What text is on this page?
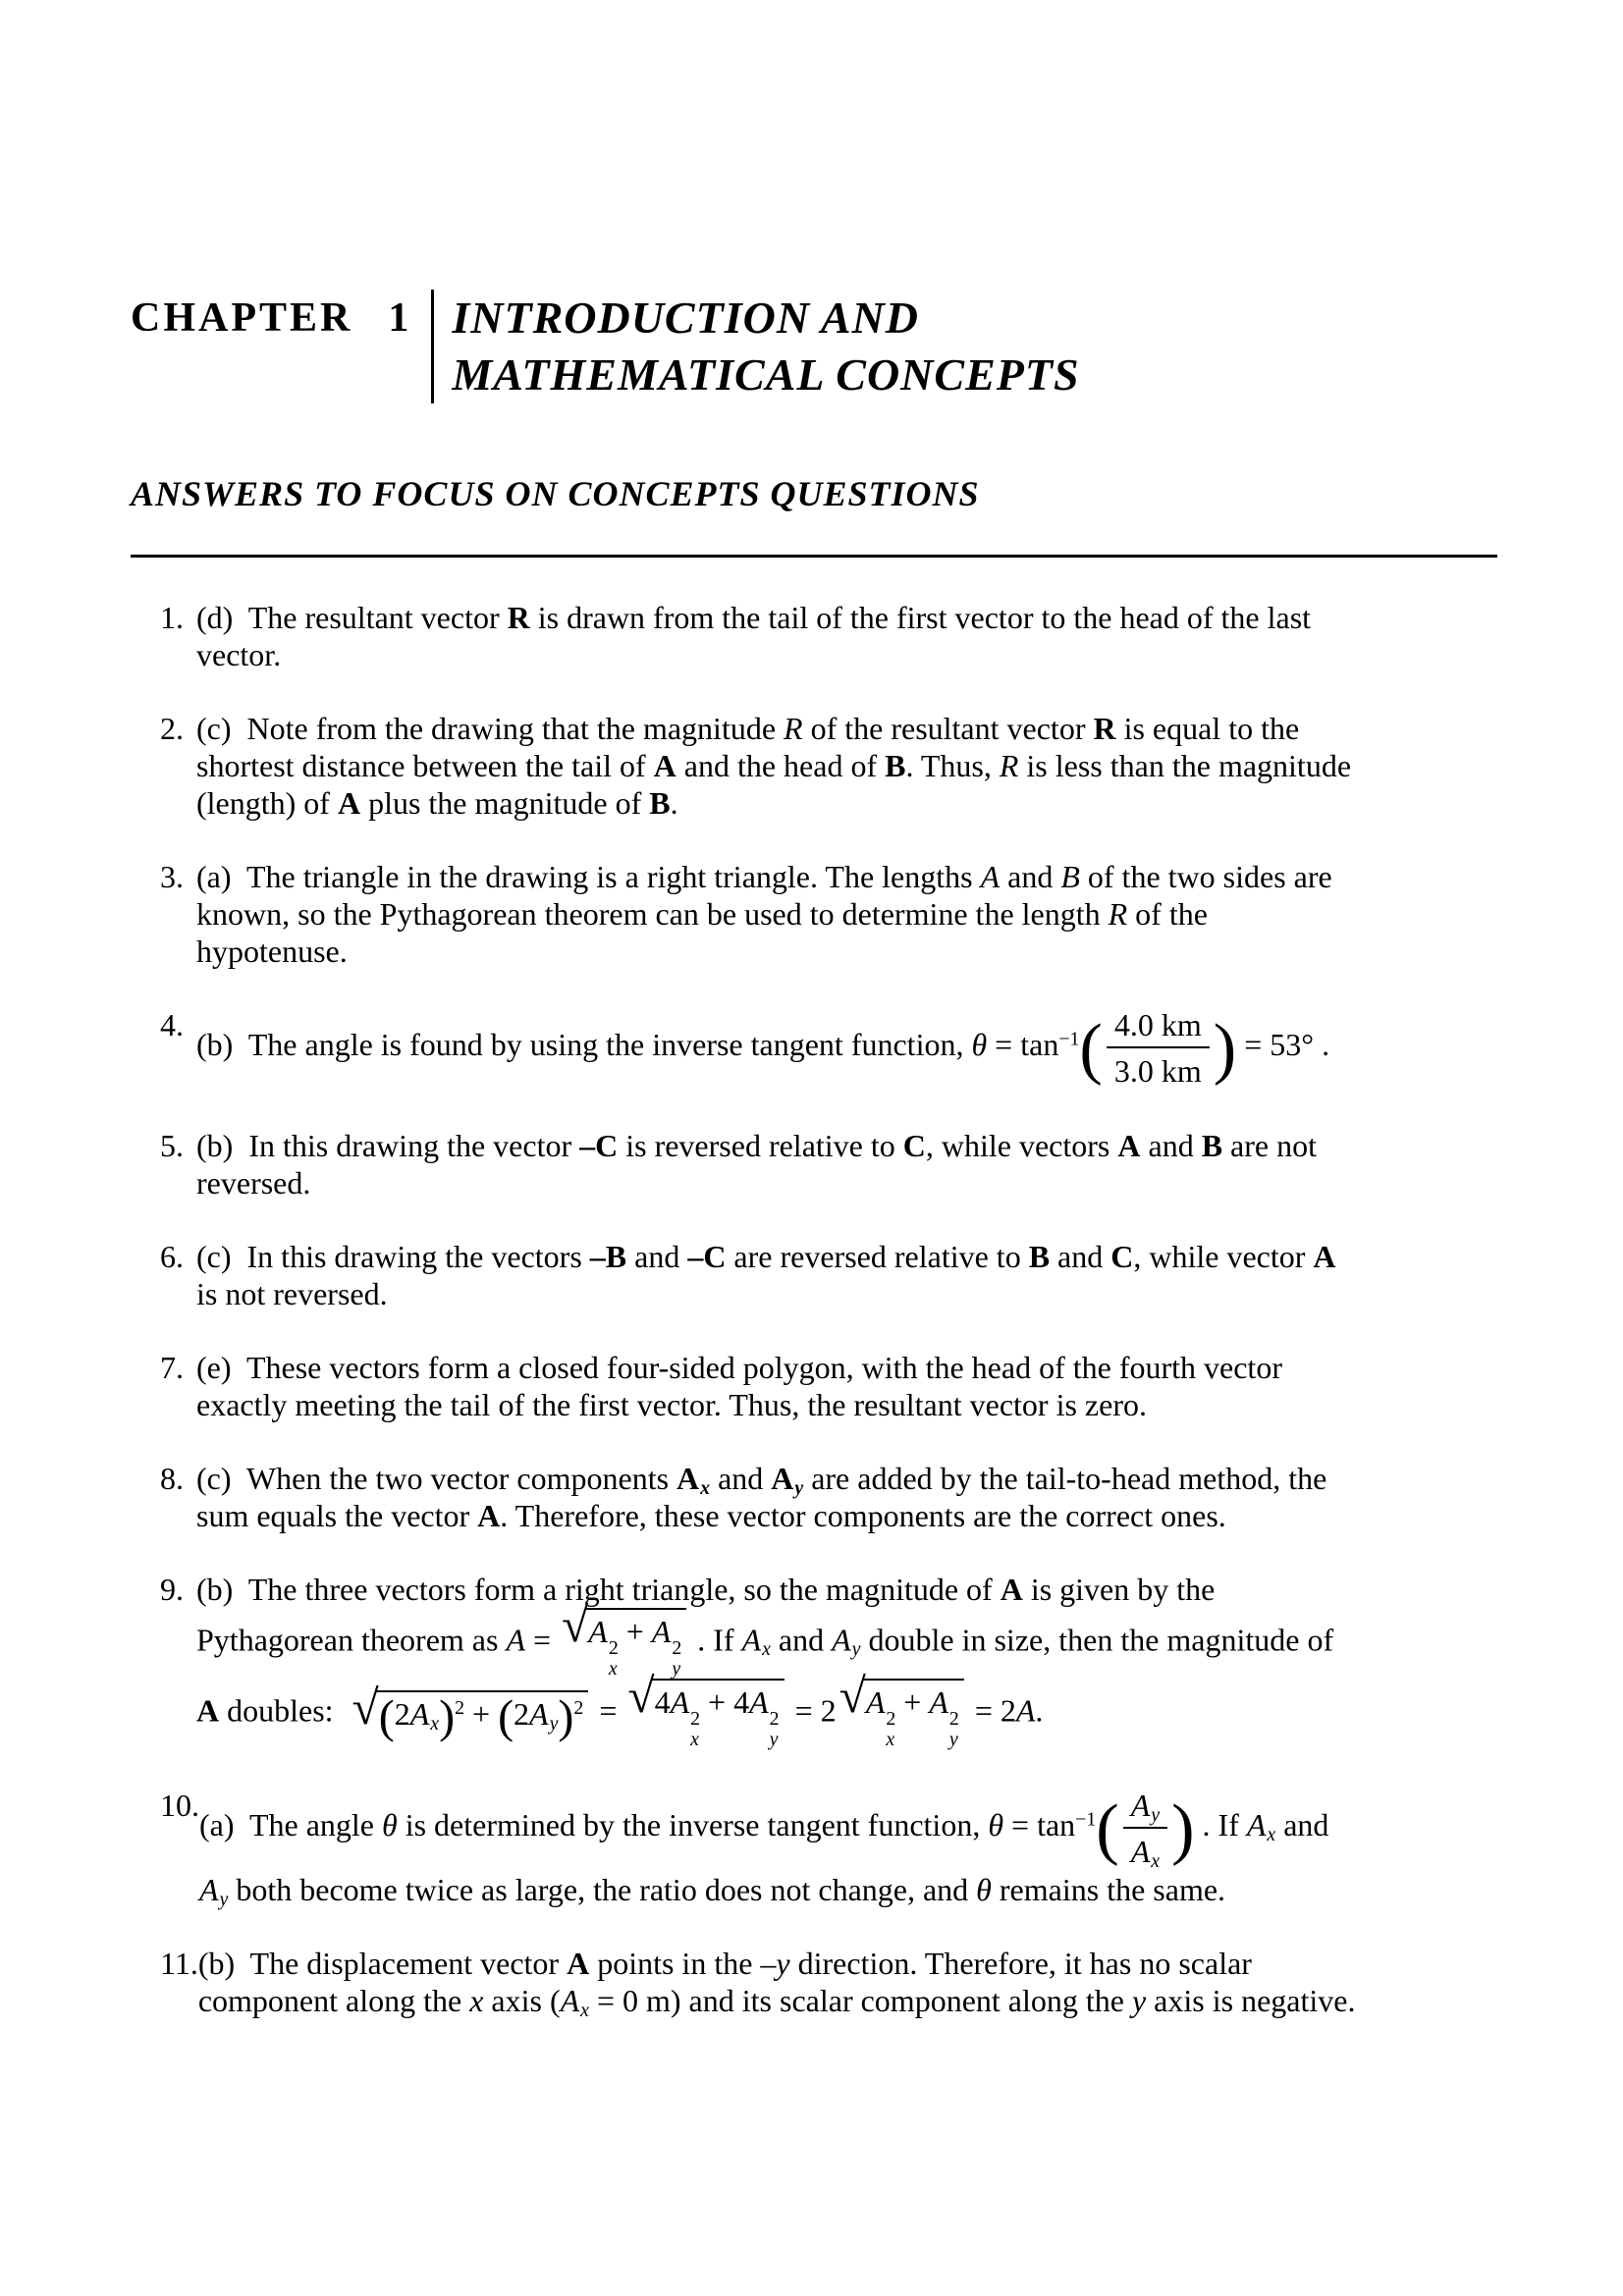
CHAPTER 1 INTRODUCTION AND
MATHEMATICAL CONCEPTS
ANSWERS TO FOCUS ON CONCEPTS QUESTIONS
1. (d)  The resultant vector R is drawn from the tail of the first vector to the head of the last
vector.
2. (c)  Note from the drawing that the magnitude R of the resultant vector R is equal to the
shortest distance between the tail of A and the head of B. Thus, R is less than the magnitude
(length) of A plus the magnitude of B.
3. (a)  The triangle in the drawing is a right triangle. The lengths A and B of the two sides are
known, so the Pythagorean theorem can be used to determine the length R of the
hypotenuse.
4.
(b)  The angle is found by using the inverse tangent function, $\theta = \tan^{-1}( \frac{4.0 km}{3.0 km}$ ) = 53° .
5. (b)  In this drawing the vector –C is reversed relative to C, while vectors A and B are not
reversed.
6. (c)  In this drawing the vectors –B and –C are reversed relative to B and C, while vector A
is not reversed.
7. (e)  These vectors form a closed four-sided polygon, with the head of the fourth vector
exactly meeting the tail of the first vector. Thus, the resultant vector is zero.
8. (c)  When the two vector components Ax and Ay are added by the tail-to-head method, the
sum equals the vector A. Therefore, these vector components are the correct ones.
9. (b)  The three vectors form a right triangle, so the magnitude of A is given by the
Pythagorean theorem as A = √ A 2
x
+ A 2
y
. If Ax and Ay double in size, then the magnitude of
A doubles: √ $(2Ax)^2 + (2Ay)^2$ = √ 4A 2
x
+ 4A 2
y
= 2 √ A 2
x
+ A 2
y
= 2A.
10.
(a)  The angle θ is determined by the inverse tangent function, $\theta = \tan^{-1}( \frac{Ay}{Ax}$ ) . If Ax and
Ay both become twice as large, the ratio does not change, and θ remains the same.
11. (b)  The displacement vector A points in the –y direction. Therefore, it has no scalar
component along the x axis (Ax = 0 m) and its scalar component along the y axis is negative.
